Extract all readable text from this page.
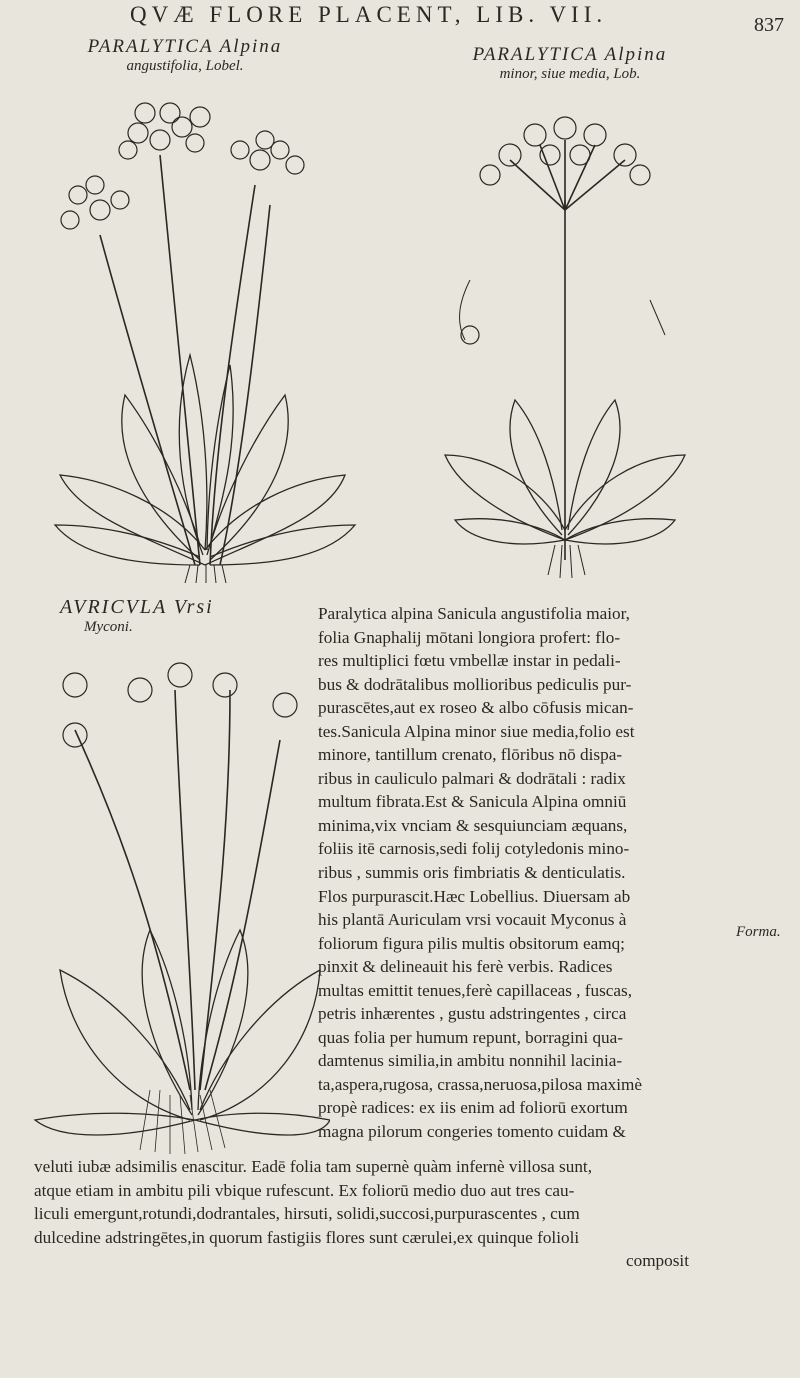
QVÆ FLORE PLACENT, LIB. VII.	837
PARALYTICA Alpina
angustifolia, Lobel.
PARALYTICA Alpina
minor, siue media, Lob.
AVRICVLA Vrsi
Myconi.
Paralytica alpina Sanicula angustifolia maior,
folia Gnaphalij mōtani longiora profert: flo-
res multiplici fœtu vmbellæ instar in pedali-
bus & dodrātalibus mollioribus pediculis pur-
purascētes,aut ex roseo & albo cōfusis mican-
tes.Sanicula Alpina minor siue media,folio est
minore, tantillum crenato, flōribus nō dispa-
ribus in cauliculo palmari & dodrātali : radix
multum fibrata.Est & Sanicula Alpina omniū
minima,vix vnciam & sesquiunciam æquans,
foliis itē carnosis,sedi folij cotyledonis mino-
ribus , summis oris fimbriatis & denticulatis.
Flos purpurascit.Hæc Lobellius. Diuersam ab
his plantā Auriculam vrsi vocauit Myconus à
foliorum figura pilis multis obsitorum eamq;
pinxit & delineauit his ferè verbis. Radices
multas emittit tenues,ferè capillaceas , fuscas,
petris inhærentes , gustu adstringentes , circa
quas folia per humum repunt, borragini qua-
damtenus similia,in ambitu nonnihil lacinia-
ta,aspera,rugosa, crassa,neruosa,pilosa maximè
propè radices: ex iis enim ad foliorū exortum
magna pilorum congeries tomento cuidam &
veluti iubæ adsimilis enascitur. Eadē folia tam supernè quàm infernè villosa sunt,
atque etiam in ambitu pili vbique rufescunt. Ex foliorū medio duo aut tres cau-
liculi emergunt,rotundi,dodrantales, hirsuti, solidi,succosi,purpurascentes , cum
dulcedine adstringētes,in quorum fastigiis flores sunt cærulei,ex quinque folioli
composit
Forma.
